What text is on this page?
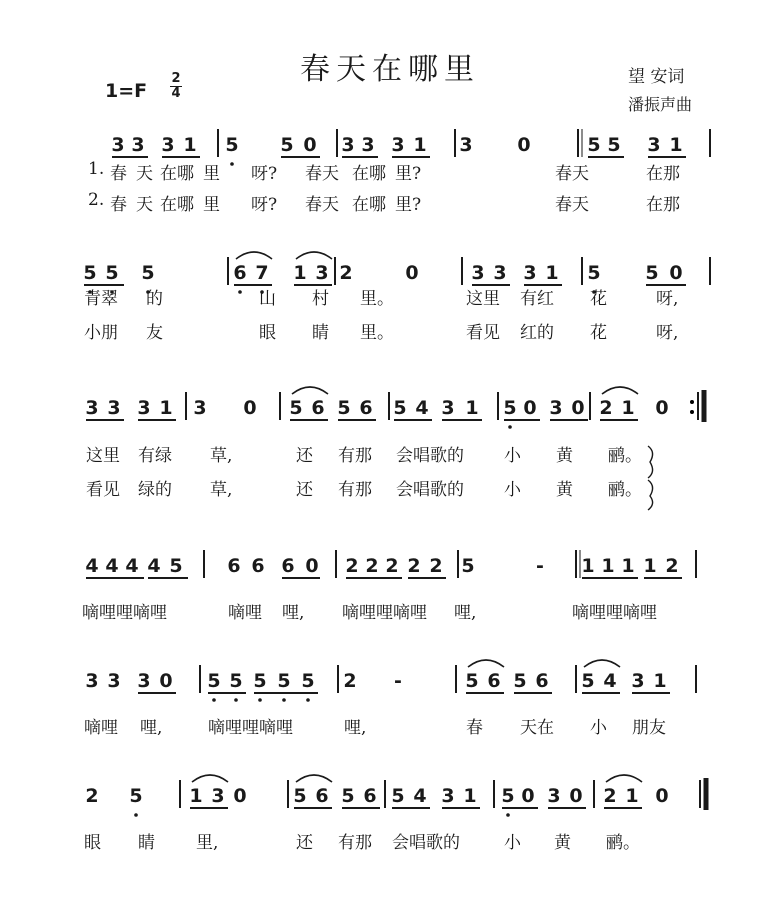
春天在哪里
1=F
2
4
望 安词
潘振声曲
3 3 3 1 5 5 0 3 3 3 1 3 0	5 5 3 1
5 5 5	6 7 1 3 2	0	3 3 3 1 5 5 0
3 3 3 1 3 0 5 6 5 6 5 4 3 1 5 0 3 0 2 1 0
4 4 4 4 5 6 6 6 0 2 2 2 2 2 5	- 1 1 1 1 2
3 3 3 0 5 5 5 5 5 2 -	5 6 5 6 5 4 3 1
2 5 1 3 0 5 6 5 6 5 4 3 1 5 0 3 0 2 1 0
1. 春 天 在哪 里 呀? 春天 在哪 里?	春天	在那
2. 春 天 在哪 里 呀? 春天 在哪 里?	春天	在那
青翠 的	山 村 里。	这里 有红 花	呀,
小朋 友	眼 睛 里。	看见 红的 花	呀,
这里 有绿 草,	还 有那 会唱歌的 小 黄 鹂。
看见 绿的 草,	还 有那 会唱歌的 小 黄 鹂。
嘀哩哩嘀哩	嘀哩 哩, 嘀哩哩嘀哩 哩,	嘀哩哩嘀哩
嘀哩 哩,	嘀哩哩嘀哩	哩,	春 天在 小 朋友
眼 睛 里,	还 有那 会唱歌的	小 黄 鹂。
